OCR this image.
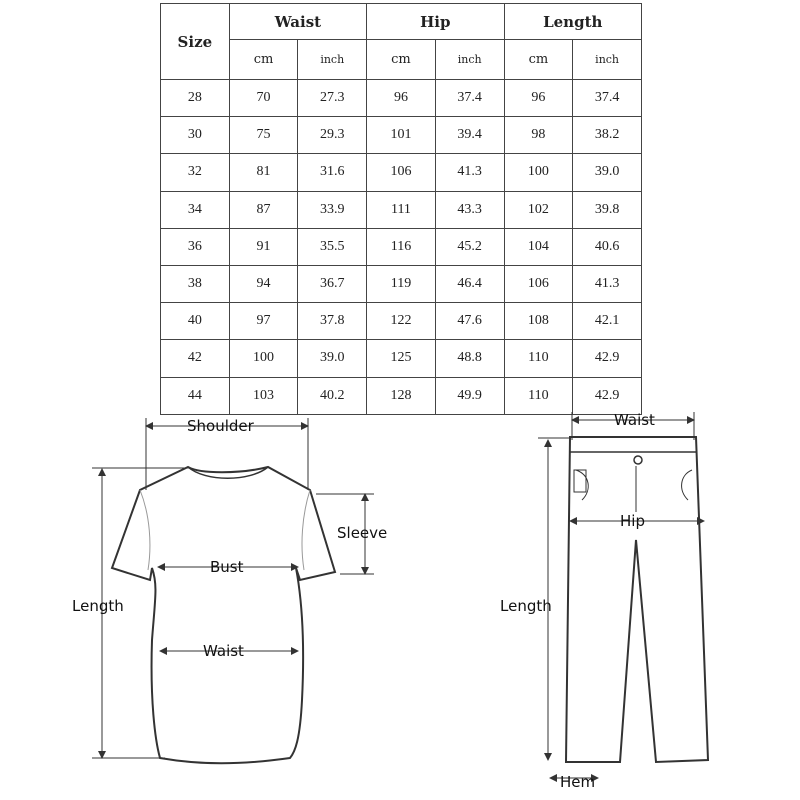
Size	Waist		Hip		Length	
	cm	inch	cm	inch	cm	inch
28	70	27.3	96	37.4	96	37.4
30	75	29.3	101	39.4	98	38.2
32	81	31.6	106	41.3	100	39.0
34	87	33.9	111	43.3	102	39.8
36	91	35.5	116	45.2	104	40.6
38	94	36.7	119	46.4	106	41.3
40	97	37.8	122	47.6	108	42.1
42	100	39.0	125	48.8	110	42.9
44	103	40.2	128	49.9	110	42.9
Shoulder
Sleeve
Bust
Length
Waist
Waist
Hip
Length
Hem
